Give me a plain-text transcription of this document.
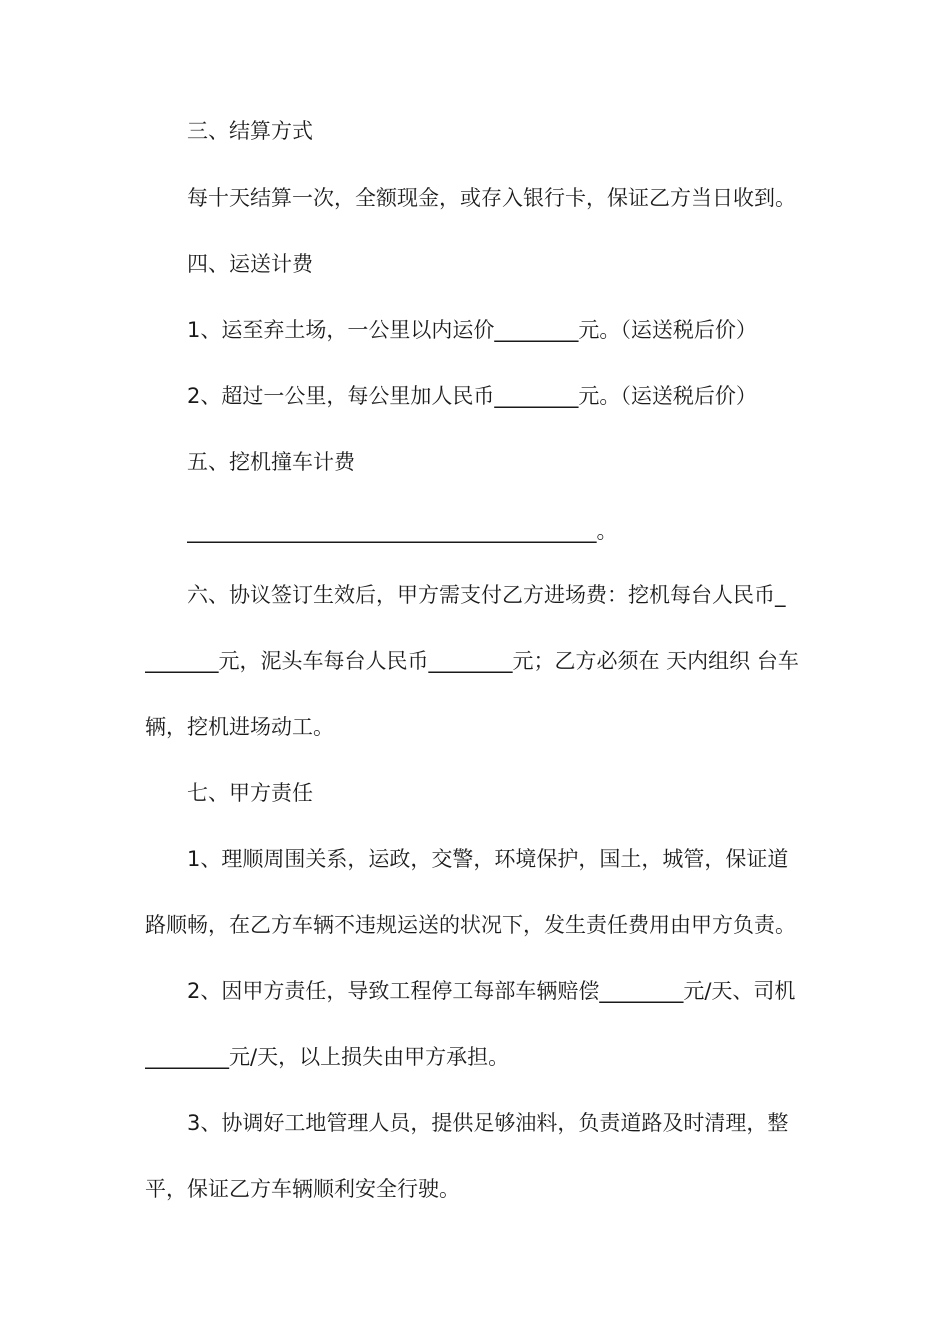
三、结算方式
每十天结算一次，全额现金，或存入银行卡，保证乙方当日收到。
四、运送计费
1、运至弃土场，一公里以内运价________元。（运送税后价）
2、超过一公里，每公里加人民币________元。（运送税后价）
五、挖机撞车计费
_______________________________________。
六、协议签订生效后，甲方需支付乙方进场费：挖机每台人民币_
_______元，泥头车每台人民币________元；乙方必须在 天内组织 台车
辆，挖机进场动工。
七、甲方责任
1、理顺周围关系，运政，交警，环境保护，国土，城管，保证道
路顺畅，在乙方车辆不违规运送的状况下，发生责任费用由甲方负责。
2、因甲方责任，导致工程停工每部车辆赔偿________元/天、司机
________元/天，以上损失由甲方承担。
3、协调好工地管理人员，提供足够油料，负责道路及时清理，整
平，保证乙方车辆顺利安全行驶。
